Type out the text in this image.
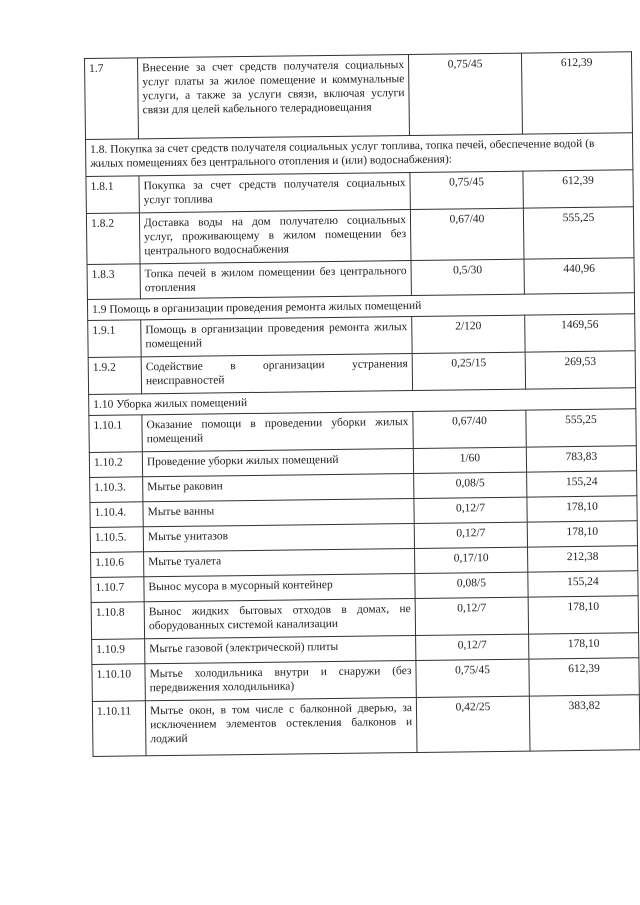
1.7	Внесение за счет средств получателя социальных услуг платы за жилое помещение и коммунальные услуги, а также за услуги связи, включая услуги связи для целей кабельного телерадиовещания	0,75/45	612,39
1.8. Покупка за счет средств получателя социальных услуг топлива, топка печей, обеспечение водой (в жилых помещениях без центрального отопления и (или) водоснабжения):			
1.8.1	Покупка за счет средств получателя социальных услуг топлива	0,75/45	612,39
1.8.2	Доставка воды на дом получателю социальных услуг, проживающему в жилом помещении без центрального водоснабжения	0,67/40	555,25
1.8.3	Топка печей в жилом помещении без центрального отопления	0,5/30	440,96
1.9 Помощь в организации проведения ремонта жилых помещений			
1.9.1	Помощь в организации проведения ремонта жилых помещений	2/120	1469,56
1.9.2	Содействие в организации устранения неисправностей	0,25/15	269,53
1.10 Уборка жилых помещений			
1.10.1	Оказание помощи в проведении уборки жилых помещений	0,67/40	555,25
1.10.2	Проведение уборки жилых помещений	1/60	783,83
1.10.3.	Мытье раковин	0,08/5	155,24
1.10.4.	Мытье ванны	0,12/7	178,10
1.10.5.	Мытье унитазов	0,12/7	178,10
1.10.6	Мытье туалета	0,17/10	212,38
1.10.7	Вынос мусора в мусорный контейнер	0,08/5	155,24
1.10.8	Вынос жидких бытовых отходов в домах, не оборудованных системой канализации	0,12/7	178,10
1.10.9	Мытье газовой (электрической) плиты	0,12/7	178,10
1.10.10	Мытье холодильника внутри и снаружи (без передвижения холодильника)	0,75/45	612,39
1.10.11	Мытье окон, в том числе с балконной дверью, за исключением элементов остекления балконов и лоджий	0,42/25	383,82
